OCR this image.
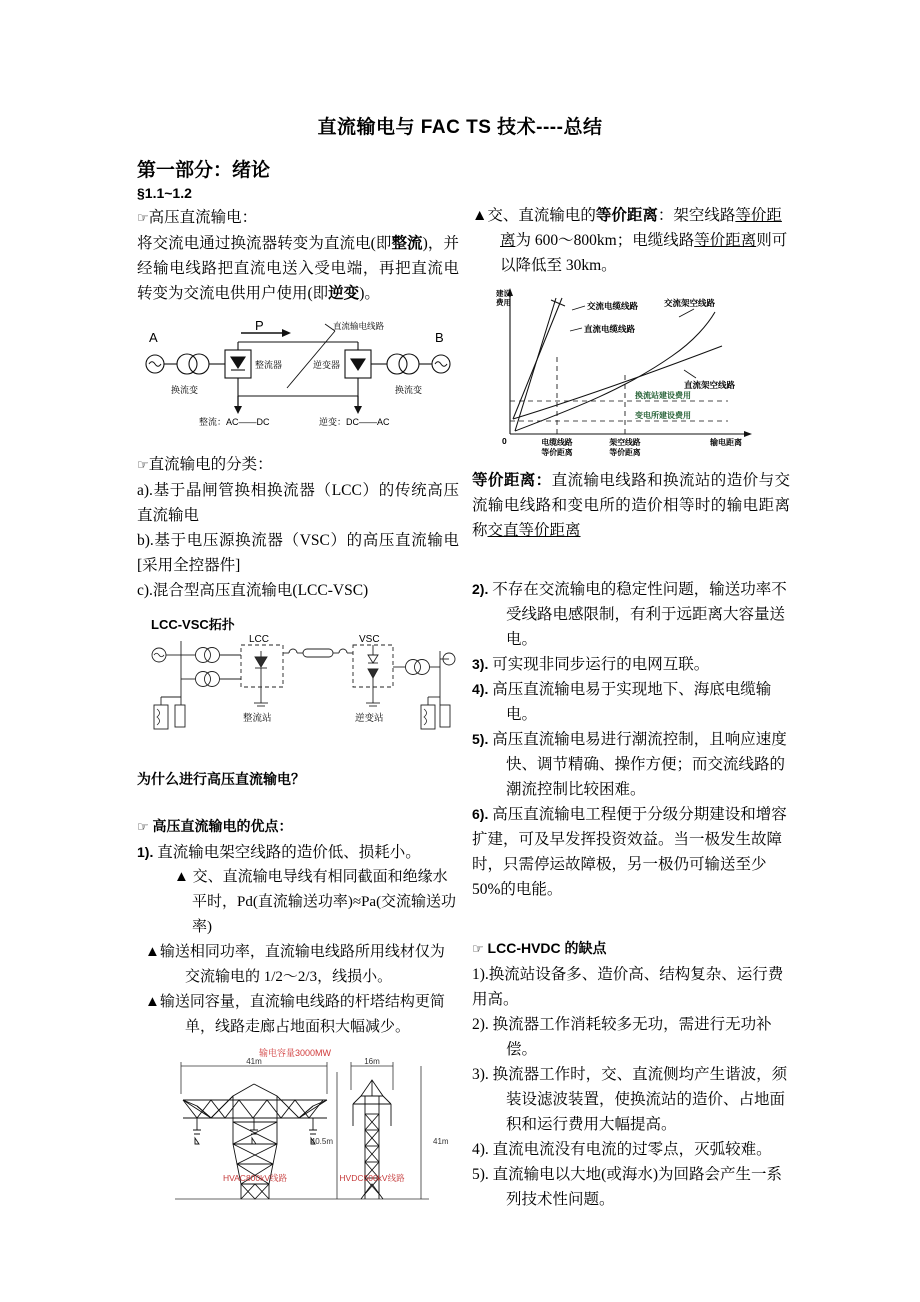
直流输电与 FAC TS 技术----总结
第一部分：绪论
§1.1~1.2

☞高压直流输电：

将交流电通过换流器转变为直流电(即整流)，并经输电线路把直流电送入受电端，再把直流电转变为交流电供用户使用(即逆变)。

A	B
P	直流输电线路
整流器	逆变器
换流变	换流变
整流：AC——DC	逆变：DC——AC

☞直流输电的分类：

a).基于晶闸管换相换流器（LCC）的传统高压直流输电

b).基于电压源换流器（VSC）的高压直流输电[采用全控器件]

c).混合型高压直流输电(LCC-VSC)

LCC-VSC拓扑
LCC	VSC
整流站	逆变站

为什么进行高压直流输电？

☞ 高压直流输电的优点：

1). 直流输电架空线路的造价低、损耗小。

▲ 交、直流输电导线有相同截面和绝缘水平时，Pd(直流输送功率)≈Pa(交流输送功率)

▲输送相同功率，直流输电线路所用线材仅为交流输电的 1/2～2/3，线损小。

▲输送同容量，直流输电线路的杆塔结构更简单，线路走廊占地面积大幅减少。

输电容量3000MW
41m	16m
40.5m	41m
HVAC800kV线路	HVDC500kV线路

▲交、直流输电的等价距离：架空线路等价距离为 600～800km；电缆线路等价距离则可以降低至 30km。

建设
费用	交流电缆线路
直流电缆线路
交流架空线路
直流架空线路
换流站建设费用
变电所建设费用
0	电缆线路
等价距离
架空线路
等价距离
输电距离

等价距离：直流输电线路和换流站的造价与交流输电线路和变电所的造价相等时的输电距离称交直等价距离

2). 不存在交流输电的稳定性问题，输送功率不受线路电感限制，有利于远距离大容量送电。

3). 可实现非同步运行的电网互联。

4). 高压直流输电易于实现地下、海底电缆输电。

5). 高压直流输电易进行潮流控制，且响应速度快、调节精确、操作方便；而交流线路的潮流控制比较困难。

6). 高压直流输电工程便于分级分期建设和增容扩建，可及早发挥投资效益。当一极发生故障时，只需停运故障极，另一极仍可输送至少 50%的电能。

☞ LCC-HVDC 的缺点

1).换流站设备多、造价高、结构复杂、运行费用高。

2). 换流器工作消耗较多无功，需进行无功补偿。

3). 换流器工作时，交、直流侧均产生谐波，须装设滤波装置，使换流站的造价、占地面积和运行费用大幅提高。

4). 直流电流没有电流的过零点，灭弧较难。

5). 直流输电以大地(或海水)为回路会产生一系列技术性问题。
